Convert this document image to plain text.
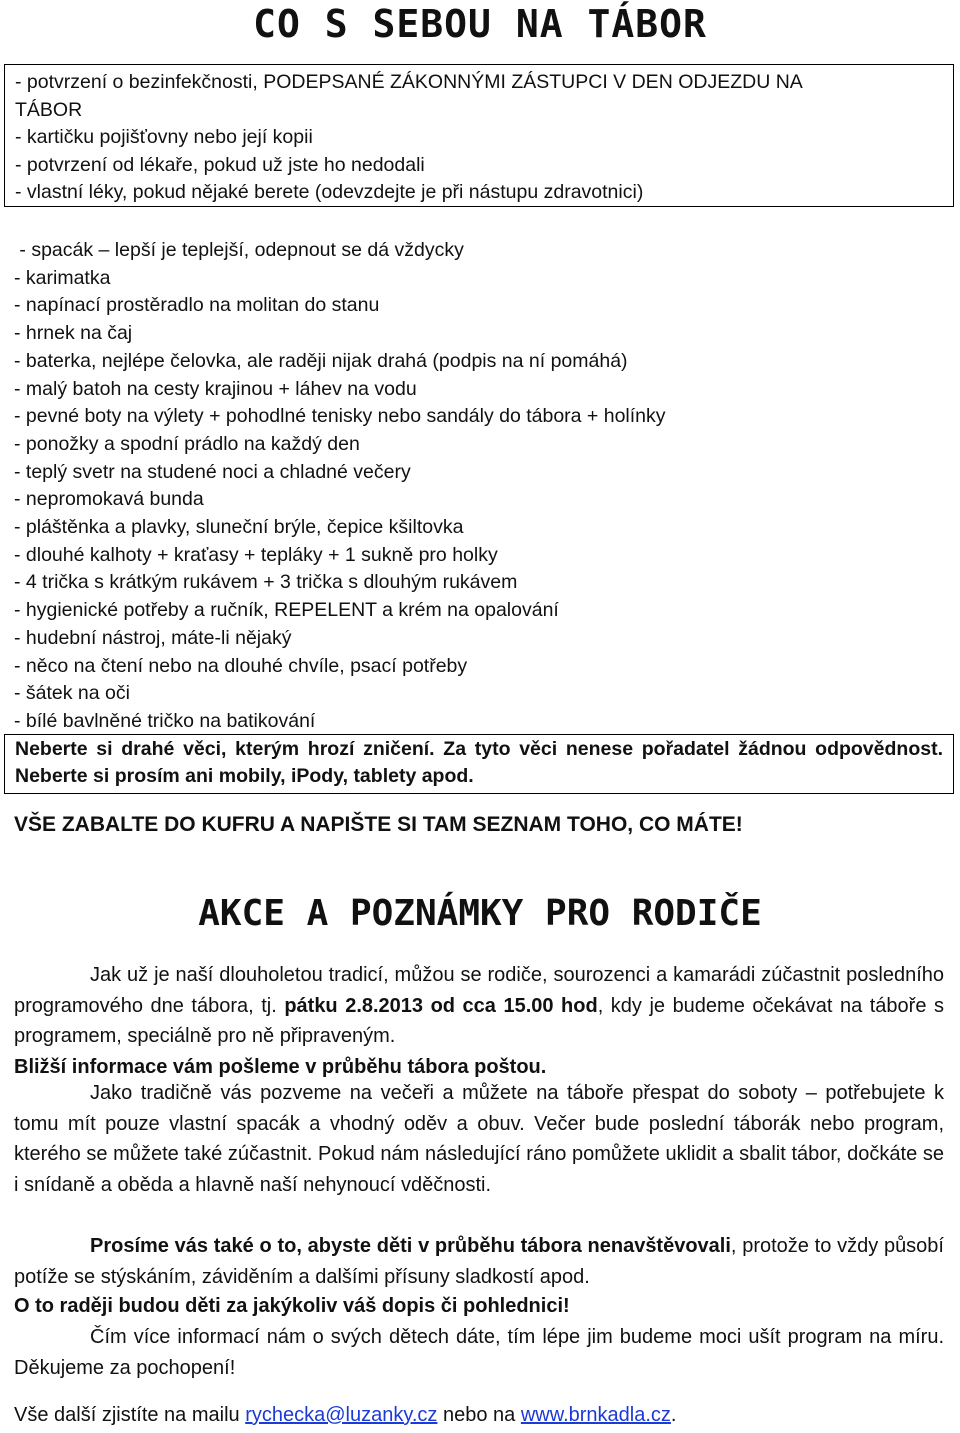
CO S SEBOU NA TÁBOR
- potvrzení o bezinfekčnosti, PODEPSANÉ ZÁKONNÝMI ZÁSTUPCI V DEN ODJEZDU NA
TÁBOR
- kartičku pojišťovny nebo její kopii
- potvrzení od lékaře, pokud už jste ho nedodali
- vlastní léky, pokud nějaké berete (odevzdejte je při nástupu zdravotnici)
- spacák – lepší je teplejší, odepnout se dá vždycky
- karimatka
- napínací prostěradlo na molitan do stanu
- hrnek na čaj
- baterka, nejlépe čelovka, ale raději nijak drahá (podpis na ní pomáhá)
- malý batoh na cesty krajinou + láhev na vodu
- pevné boty na výlety + pohodlné tenisky nebo sandály do tábora + holínky
- ponožky a spodní prádlo na každý den
- teplý svetr na studené noci a chladné večery
- nepromokavá bunda
- pláštěnka a plavky, sluneční brýle, čepice kšiltovka
- dlouhé kalhoty + kraťasy + tepláky + 1 sukně pro holky
- 4 trička s krátkým rukávem + 3 trička s dlouhým rukávem
- hygienické potřeby a ručník, REPELENT a krém na opalování
- hudební nástroj, máte-li nějaký
- něco na čtení nebo na dlouhé chvíle, psací potřeby
- šátek na oči
- bílé bavlněné tričko na batikování
Neberte si drahé věci, kterým hrozí zničení. Za tyto věci nenese pořadatel žádnou odpovědnost. Neberte si prosím ani mobily, iPody, tablety apod.
VŠE ZABALTE DO KUFRU A NAPIŠTE SI TAM SEZNAM TOHO, CO MÁTE!
AKCE A POZNÁMKY PRO RODIČE

Jak už je naší dlouholetou tradicí, můžou se rodiče, sourozenci a kamarádi zúčastnit posledního programového dne tábora, tj. pátku 2.8.2013 od cca 15.00 hod, kdy je budeme očekávat na táboře s programem, speciálně pro ně připraveným.

Bližší informace vám pošleme v průběhu tábora poštou.

Jako tradičně vás pozveme na večeři a můžete na táboře přespat do soboty – potřebujete k tomu mít pouze vlastní spacák a vhodný oděv a obuv. Večer bude poslední táborák nebo program, kterého se můžete také zúčastnit. Pokud nám následující ráno pomůžete uklidit a sbalit tábor, dočkáte se i snídaně a oběda a hlavně naší nehynoucí vděčnosti.

Prosíme vás také o to, abyste děti v průběhu tábora nenavštěvovali, protože to vždy působí potíže se stýskáním, záviděním a dalšími přísuny sladkostí apod.

O to raději budou děti za jakýkoliv váš dopis či pohlednici!

Čím více informací nám o svých dětech dáte, tím lépe jim budeme moci ušít program na míru. Děkujeme za pochopení!

Vše další zjistíte na mailu rychecka@luzanky.cz nebo na www.brnkadla.cz.
